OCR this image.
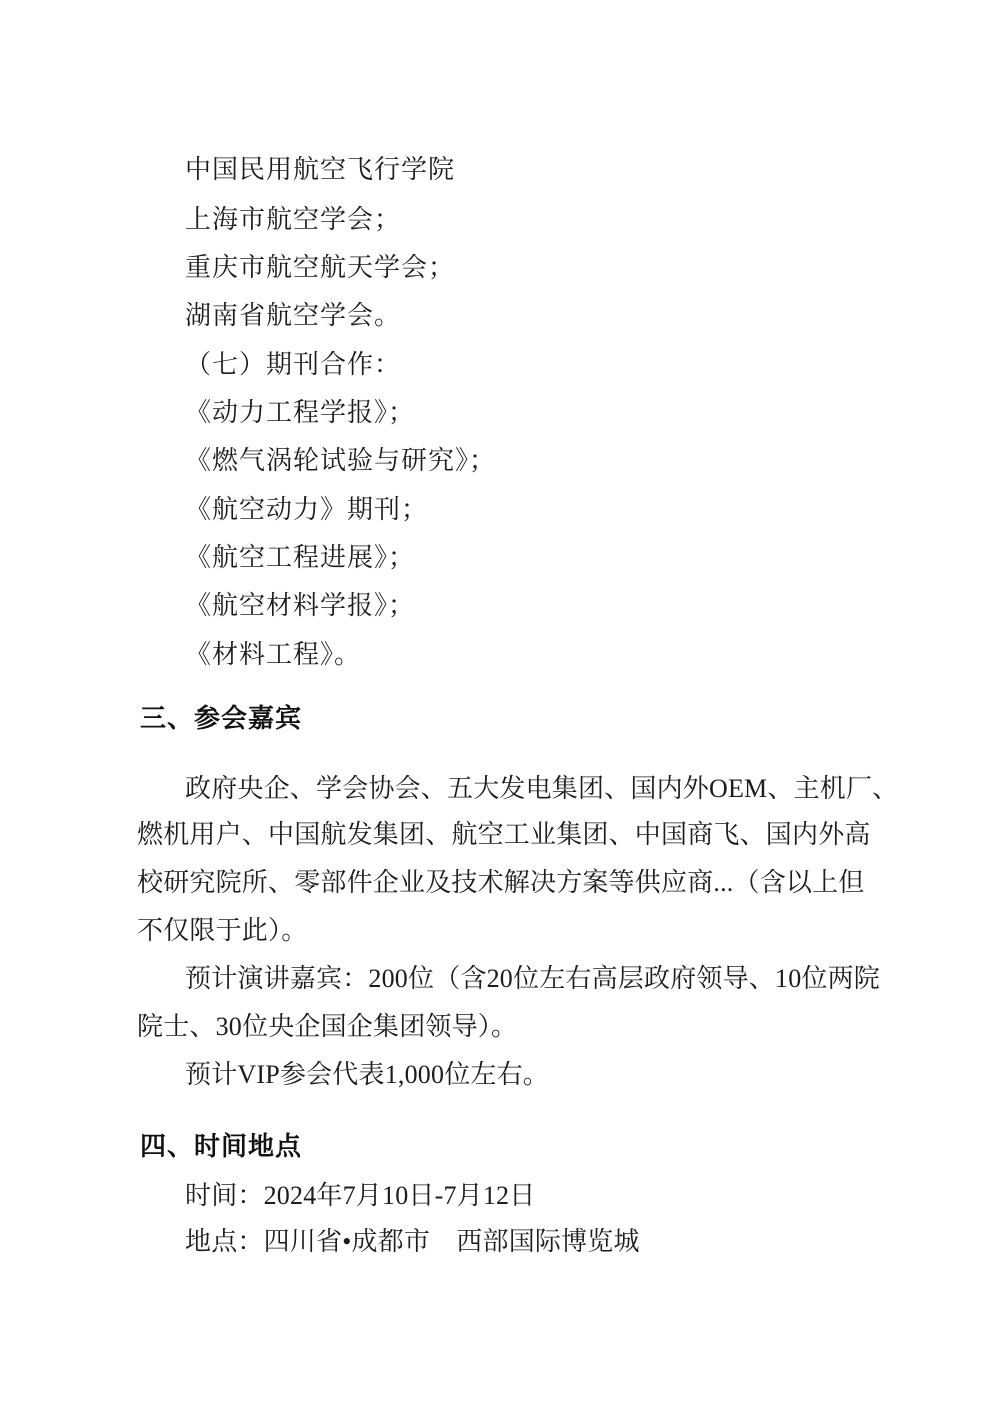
中国民用航空飞行学院
上海市航空学会；
重庆市航空航天学会；
湖南省航空学会。
（七）期刊合作：
《动力工程学报》；
《燃气涡轮试验与研究》；
《航空动力》期刊；
《航空工程进展》；
《航空材料学报》；
《材料工程》。
三、参会嘉宾
政府央企、学会协会、五大发电集团、国内外OEM、主机厂、
燃机用户、中国航发集团、航空工业集团、中国商飞、国内外高
校研究院所、零部件企业及技术解决方案等供应商...（含以上但
不仅限于此）。
预计演讲嘉宾：200位（含20位左右高层政府领导、10位两院
院士、30位央企国企集团领导）。
预计VIP参会代表1,000位左右。
四、时间地点
时间：2024年7月10日-7月12日
地点：四川省•成都市　西部国际博览城
